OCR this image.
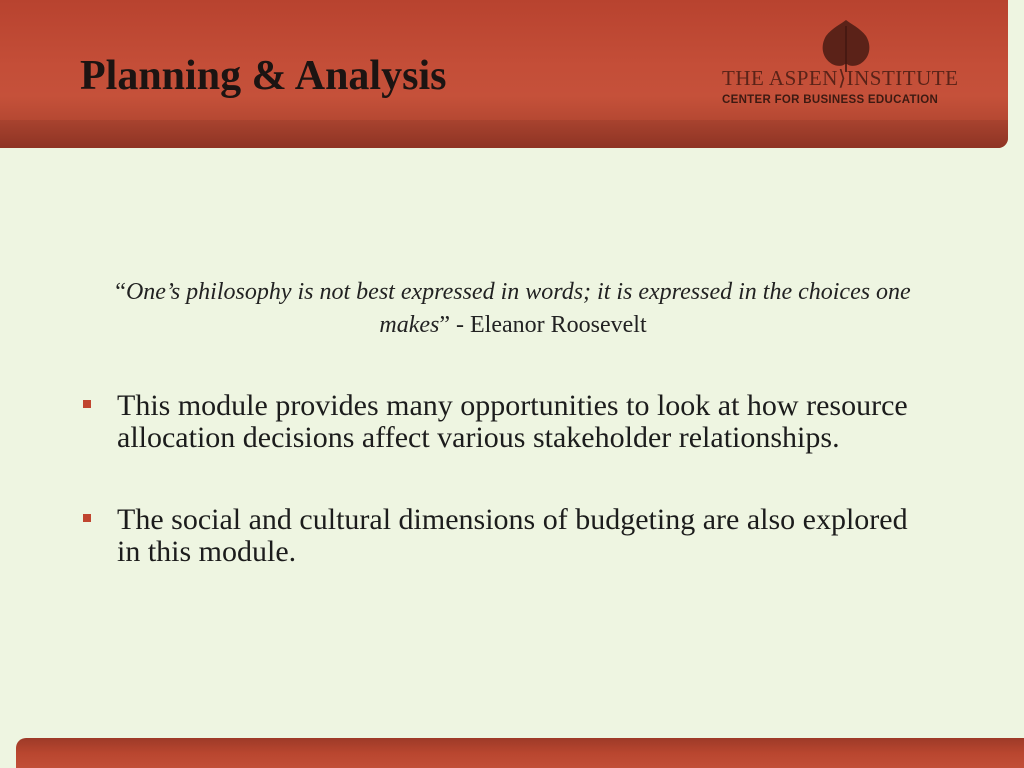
Planning & Analysis	THE ASPEN⟩INSTITUTE
CENTER FOR BUSINESS EDUCATION
“One’s philosophy is not best expressed in words; it is expressed in the choices one makes” - Eleanor Roosevelt
This module provides many opportunities to look at how resource allocation decisions affect various stakeholder relationships.
The social and cultural dimensions of budgeting are also explored in this module.
